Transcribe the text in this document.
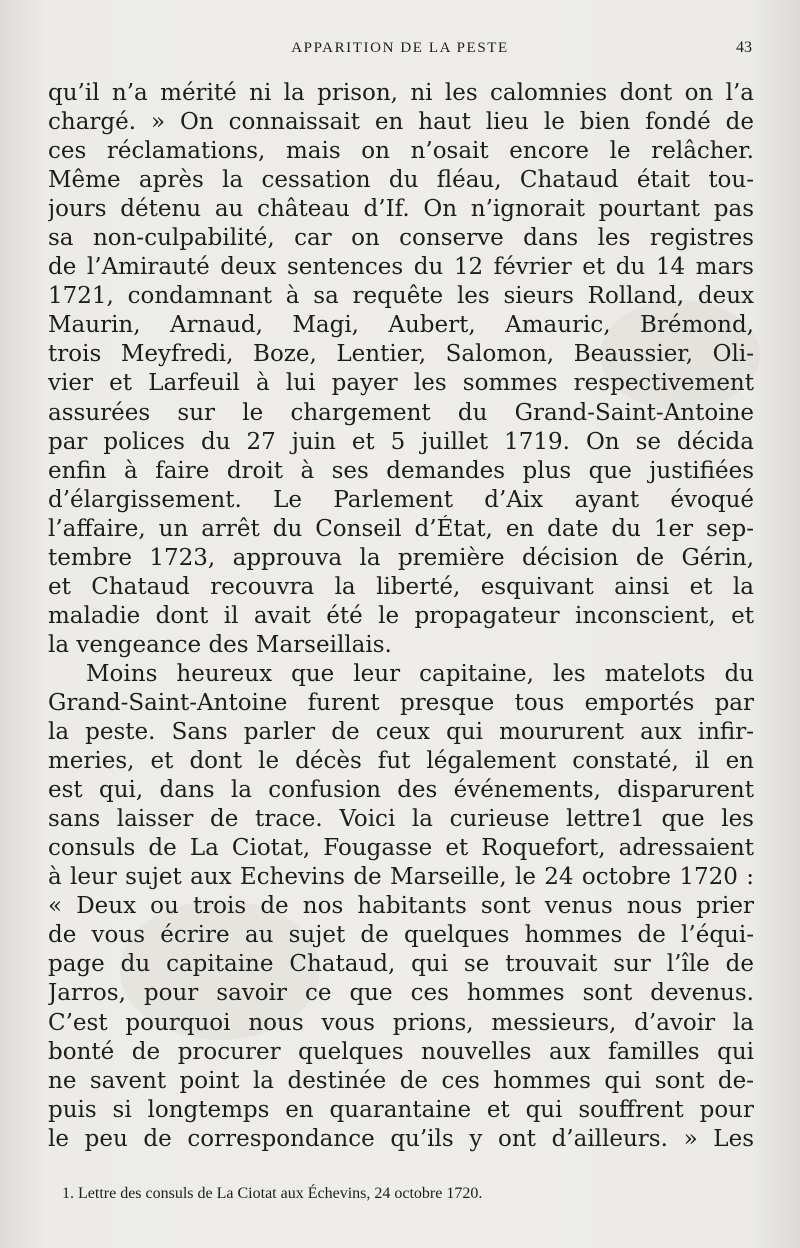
APPARITION DE LA PESTE	43
qu’il n’a mérité ni la prison, ni les calomnies dont on l’a
chargé. » On connaissait en haut lieu le bien fondé de
ces réclamations, mais on n’osait encore le relâcher.
Même après la cessation du fléau, Chataud était tou-
jours détenu au château d’If. On n’ignorait pourtant pas
sa non-culpabilité, car on conserve dans les registres
de l’Amirauté deux sentences du 12 février et du 14 mars
1721, condamnant à sa requête les sieurs Rolland, deux
Maurin, Arnaud, Magi, Aubert, Amauric, Brémond,
trois Meyfredi, Boze, Lentier, Salomon, Beaussier, Oli-
vier et Larfeuil à lui payer les sommes respectivement
assurées sur le chargement du Grand-Saint-Antoine
par polices du 27 juin et 5 juillet 1719. On se décida
enfin à faire droit à ses demandes plus que justifiées
d’élargissement. Le Parlement d’Aix ayant évoqué
l’affaire, un arrêt du Conseil d’État, en date du 1er sep-
tembre 1723, approuva la première décision de Gérin,
et Chataud recouvra la liberté, esquivant ainsi et la
maladie dont il avait été le propagateur inconscient, et
la vengeance des Marseillais.
Moins heureux que leur capitaine, les matelots du
Grand-Saint-Antoine furent presque tous emportés par
la peste. Sans parler de ceux qui moururent aux infir-
meries, et dont le décès fut légalement constaté, il en
est qui, dans la confusion des événements, disparurent
sans laisser de trace. Voici la curieuse lettre1 que les
consuls de La Ciotat, Fougasse et Roquefort, adressaient
à leur sujet aux Echevins de Marseille, le 24 octobre 1720 :
« Deux ou trois de nos habitants sont venus nous prier
de vous écrire au sujet de quelques hommes de l’équi-
page du capitaine Chataud, qui se trouvait sur l’île de
Jarros, pour savoir ce que ces hommes sont devenus.
C’est pourquoi nous vous prions, messieurs, d’avoir la
bonté de procurer quelques nouvelles aux familles qui
ne savent point la destinée de ces hommes qui sont de-
puis si longtemps en quarantaine et qui souffrent pour
le peu de correspondance qu’ils y ont d’ailleurs. » Les
1. Lettre des consuls de La Ciotat aux Échevins, 24 octobre 1720.
